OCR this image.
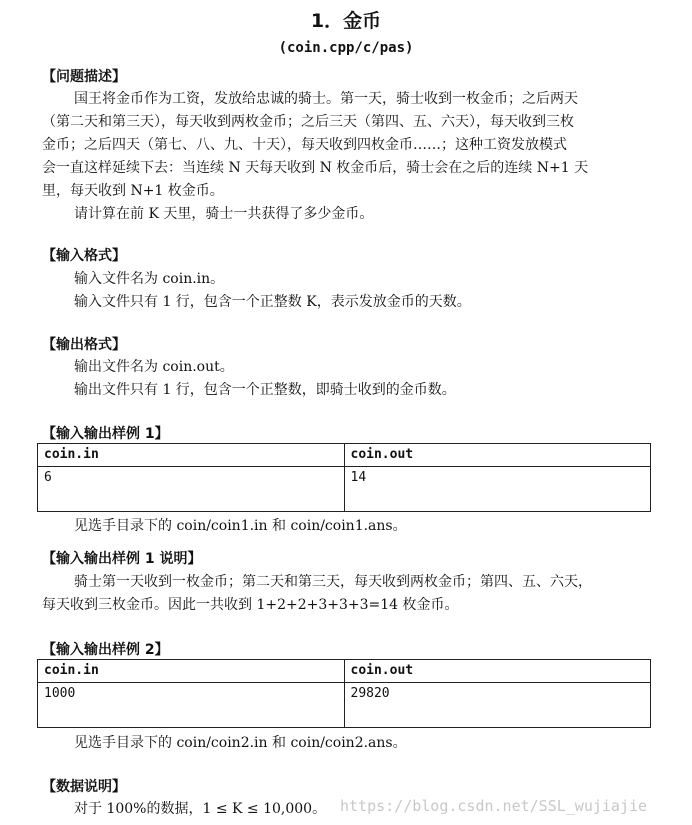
1．金币
(coin.cpp/c/pas)
【问题描述】
国王将金币作为工资，发放给忠诚的骑士。第一天，骑士收到一枚金币；之后两天
（第二天和第三天），每天收到两枚金币；之后三天（第四、五、六天），每天收到三枚
金币；之后四天（第七、八、九、十天），每天收到四枚金币……；这种工资发放模式
会一直这样延续下去：当连续 N 天每天收到 N 枚金币后，骑士会在之后的连续 N+1 天
里，每天收到 N+1 枚金币。
请计算在前 K 天里，骑士一共获得了多少金币。
【输入格式】
输入文件名为 coin.in。
输入文件只有 1 行，包含一个正整数 K，表示发放金币的天数。
【输出格式】
输出文件名为 coin.out。
输出文件只有 1 行，包含一个正整数，即骑士收到的金币数。
【输入输出样例 1】
coin.in	coin.out
6	14
见选手目录下的 coin/coin1.in 和 coin/coin1.ans。
【输入输出样例 1 说明】
骑士第一天收到一枚金币；第二天和第三天，每天收到两枚金币；第四、五、六天，
每天收到三枚金币。因此一共收到 1+2+2+3+3+3=14 枚金币。
【输入输出样例 2】
coin.in	coin.out
1000	29820
见选手目录下的 coin/coin2.in 和 coin/coin2.ans。
【数据说明】
对于 100%的数据，1 ≤ K ≤ 10,000。 https://blog.csdn.net/SSL_wujiajie
